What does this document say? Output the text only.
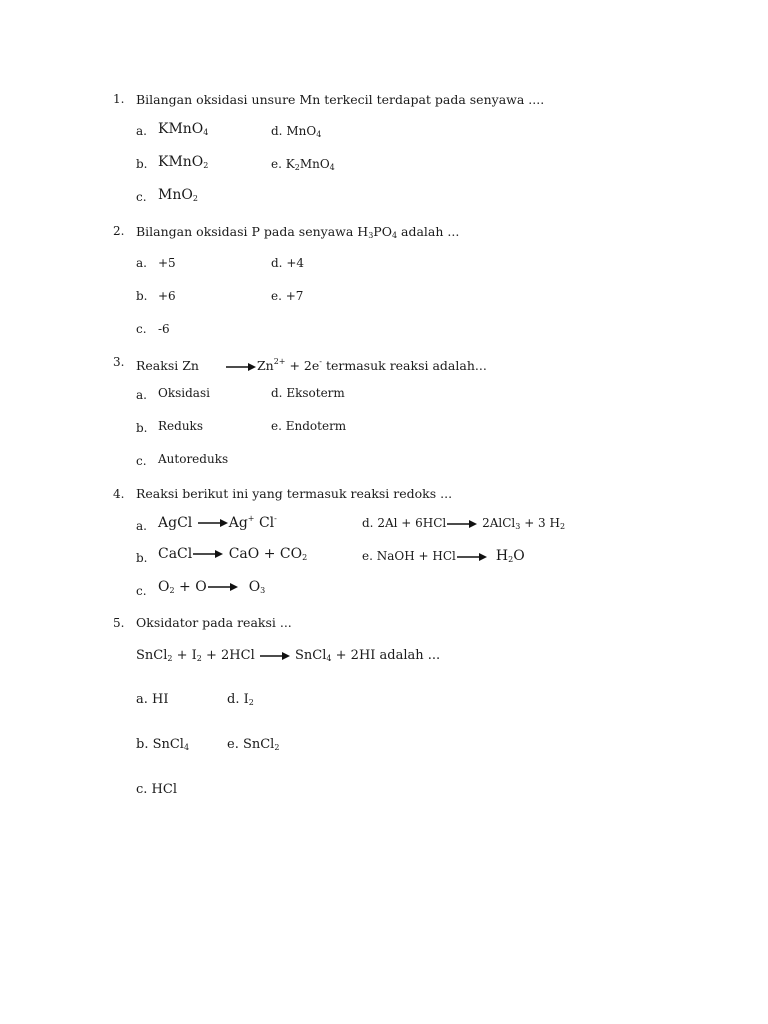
1. Bilangan oksidasi unsure Mn terkecil terdapat pada senyawa ....
a. KMnO$_4$	d. MnO$_4$
b. KMnO$_2$	e. $K_2MnO_4$
c. MnO$_2$
2. Bilangan oksidasi P pada senyawa $H_3PO_4$ adalah ...
a. +5	d. +4
b. +6	e. +7
c. -6
3. Reaksi $Zn \to Zn^{2+} + 2e^-$ termasuk reaksi adalah...
a. Oksidasi	d. Eksoterm
b. Reduks	e. Endoterm
c. Autoreduks
4. Reaksi berikut ini yang termasuk reaksi redoks ...
a. AgCl →Ag+ Cl-	d. 2Al + 6HCl→ 2AlCl$_3$ + 3 $H_2$
b. CaCl→ CaO + $CO_2$	e. NaOH + $HCl\to H_2O$
c. $O_2 + O\to O_3$
5. Oksidator pada reaksi ...
SnCl$_2$ + $I_2 + 2HCl$ → SnCl$_4$ + 2HI adalah ...
a. HI	d. $I_2$
b. SnCl$_4$	e. SnCl$_2$
c. HCl
